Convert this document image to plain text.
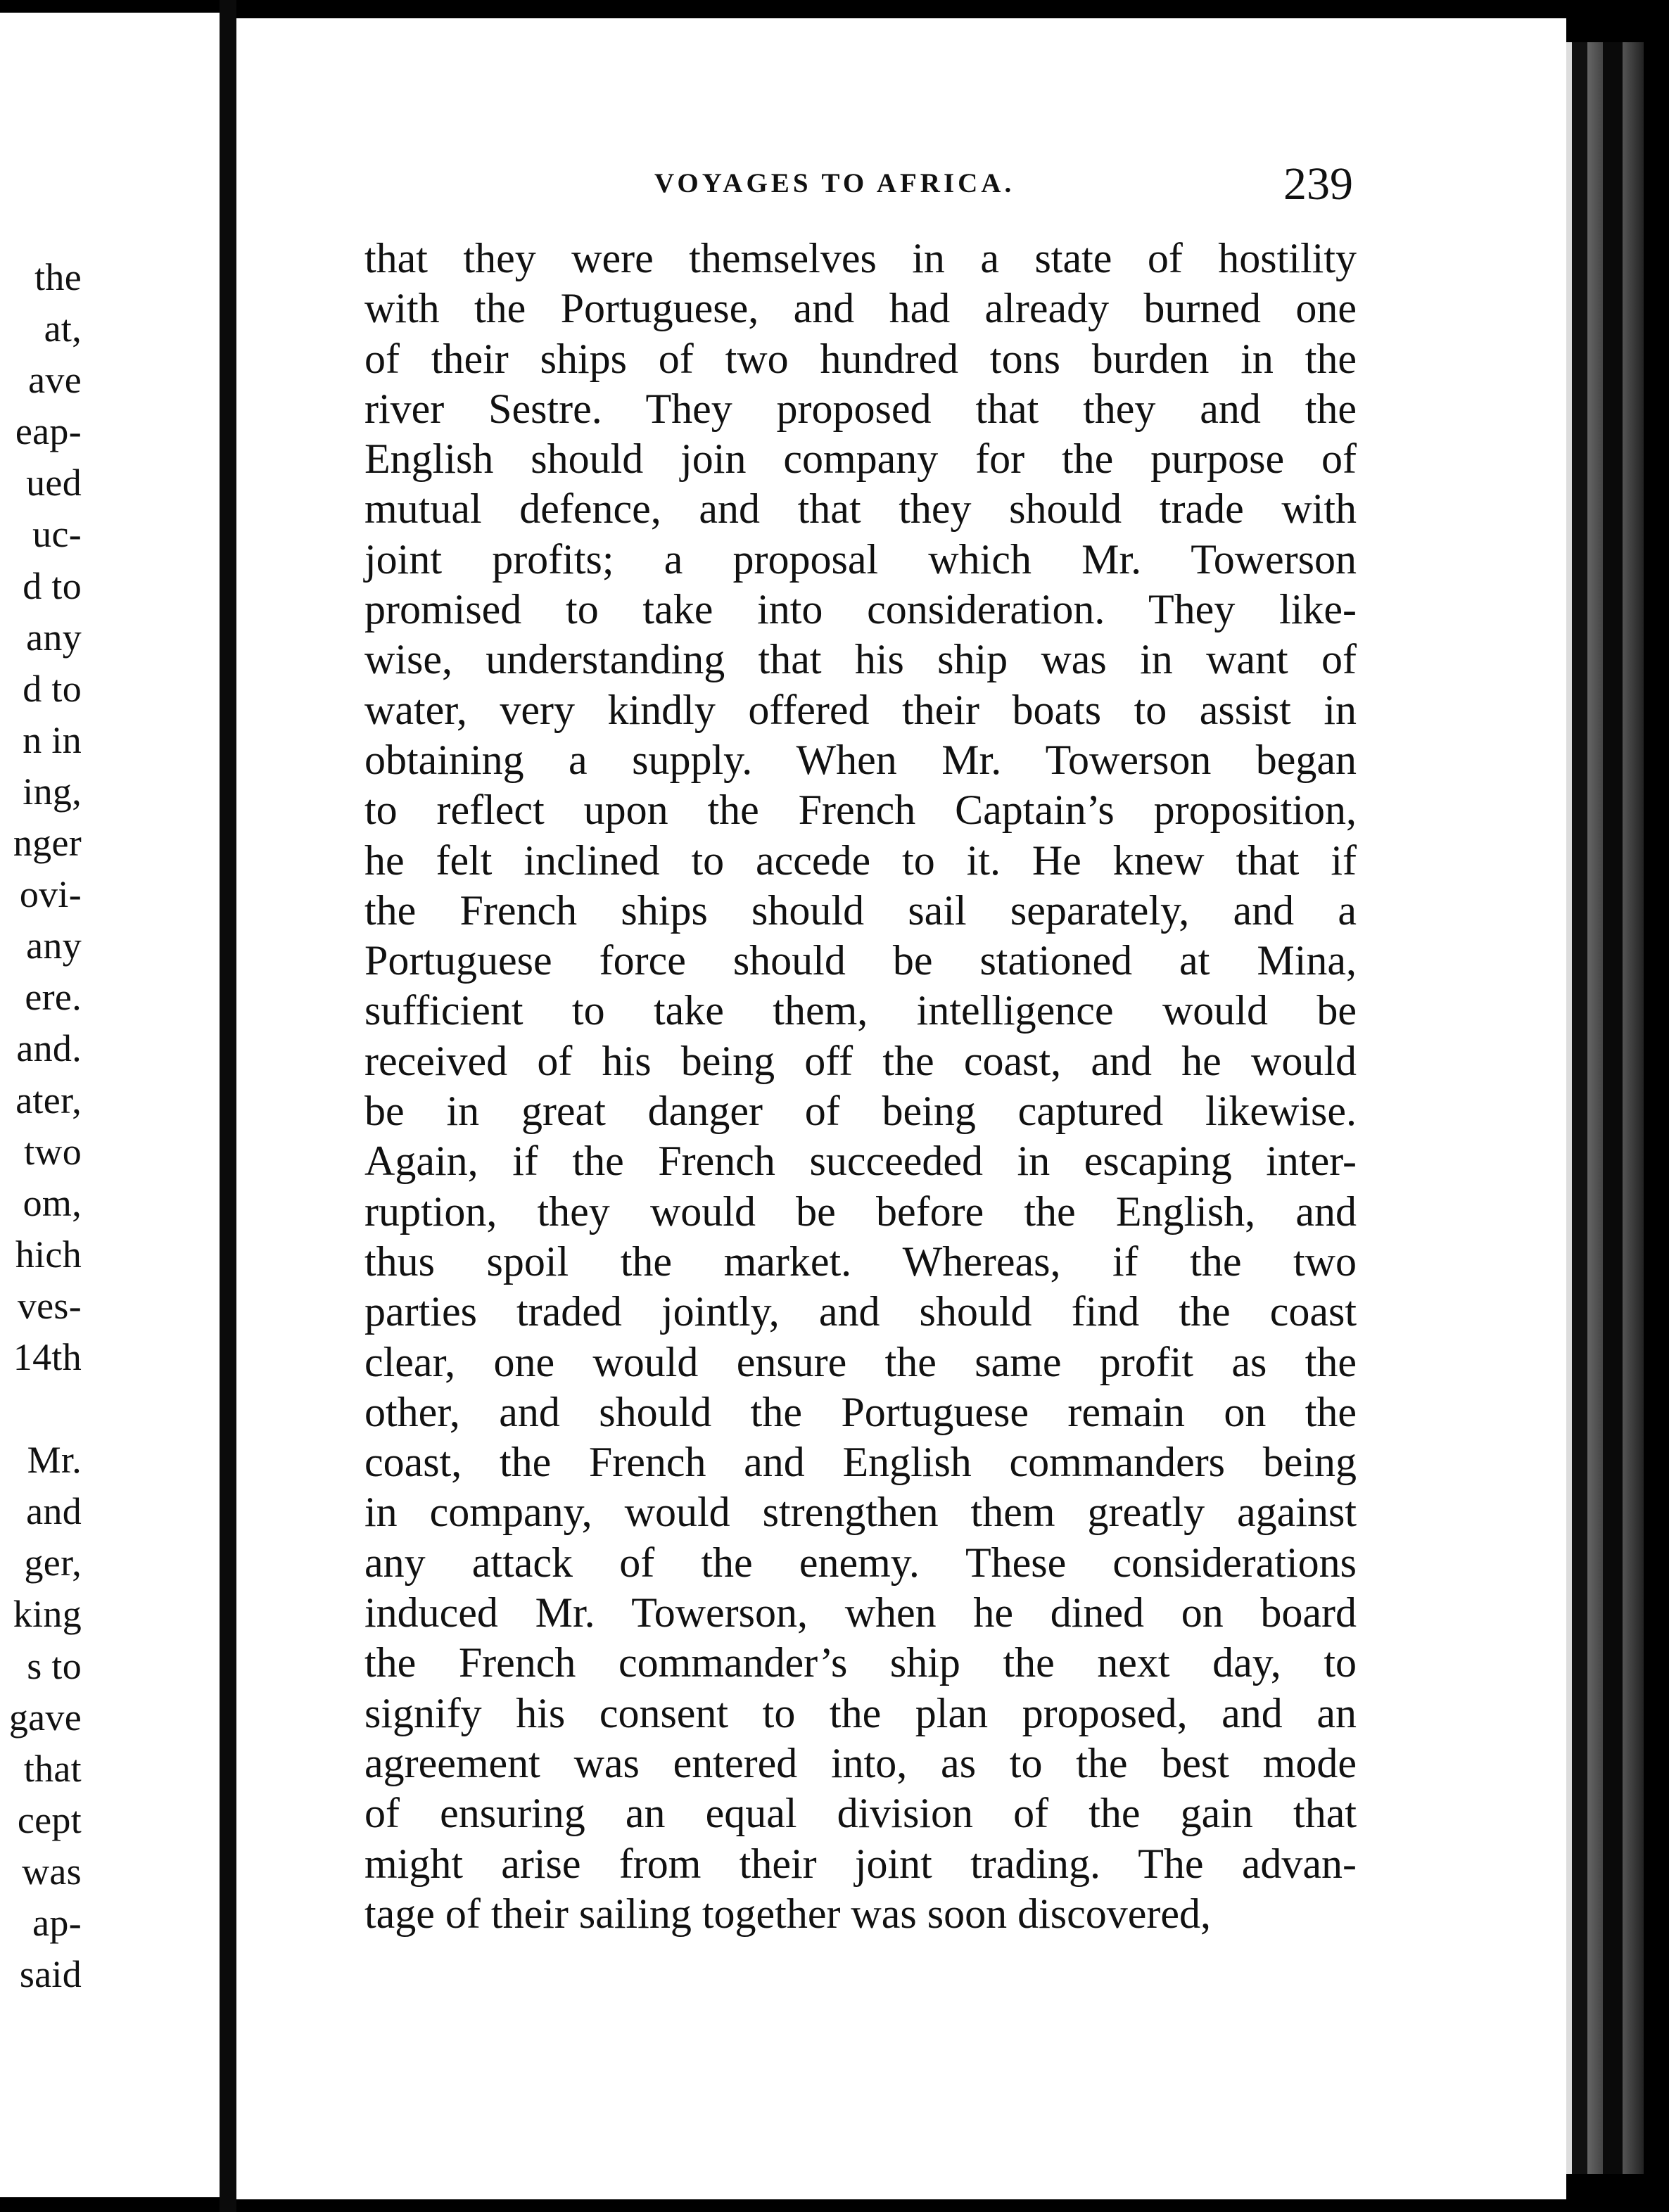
the
at,
ave
eap-
ued
uc-
d to
any
d to
n in
ing,
nger
ovi-
any
ere.
and.
ater,
two
om,
hich
ves-
14th
Mr.
and
ger,
king
s to
gave
that
cept
was
ap-
said
VOYAGES TO AFRICA.	239
that they were themselves in a state of hostility
with the Portuguese, and had already burned one
of their ships of two hundred tons burden in the
river Sestre. They proposed that they and the
English should join company for the purpose of
mutual defence, and that they should trade with
joint profits; a proposal which Mr. Towerson
promised to take into consideration. They like-
wise, understanding that his ship was in want of
water, very kindly offered their boats to assist in
obtaining a supply. When Mr. Towerson began
to reflect upon the French Captain’s proposition,
he felt inclined to accede to it. He knew that if
the French ships should sail separately, and a
Portuguese force should be stationed at Mina,
sufficient to take them, intelligence would be
received of his being off the coast, and he would
be in great danger of being captured likewise.
Again, if the French succeeded in escaping inter-
ruption, they would be before the English, and
thus spoil the market. Whereas, if the two
parties traded jointly, and should find the coast
clear, one would ensure the same profit as the
other, and should the Portuguese remain on the
coast, the French and English commanders being
in company, would strengthen them greatly against
any attack of the enemy. These considerations
induced Mr. Towerson, when he dined on board
the French commander’s ship the next day, to
signify his consent to the plan proposed, and an
agreement was entered into, as to the best mode
of ensuring an equal division of the gain that
might arise from their joint trading. The advan-
tage of their sailing together was soon discovered,
